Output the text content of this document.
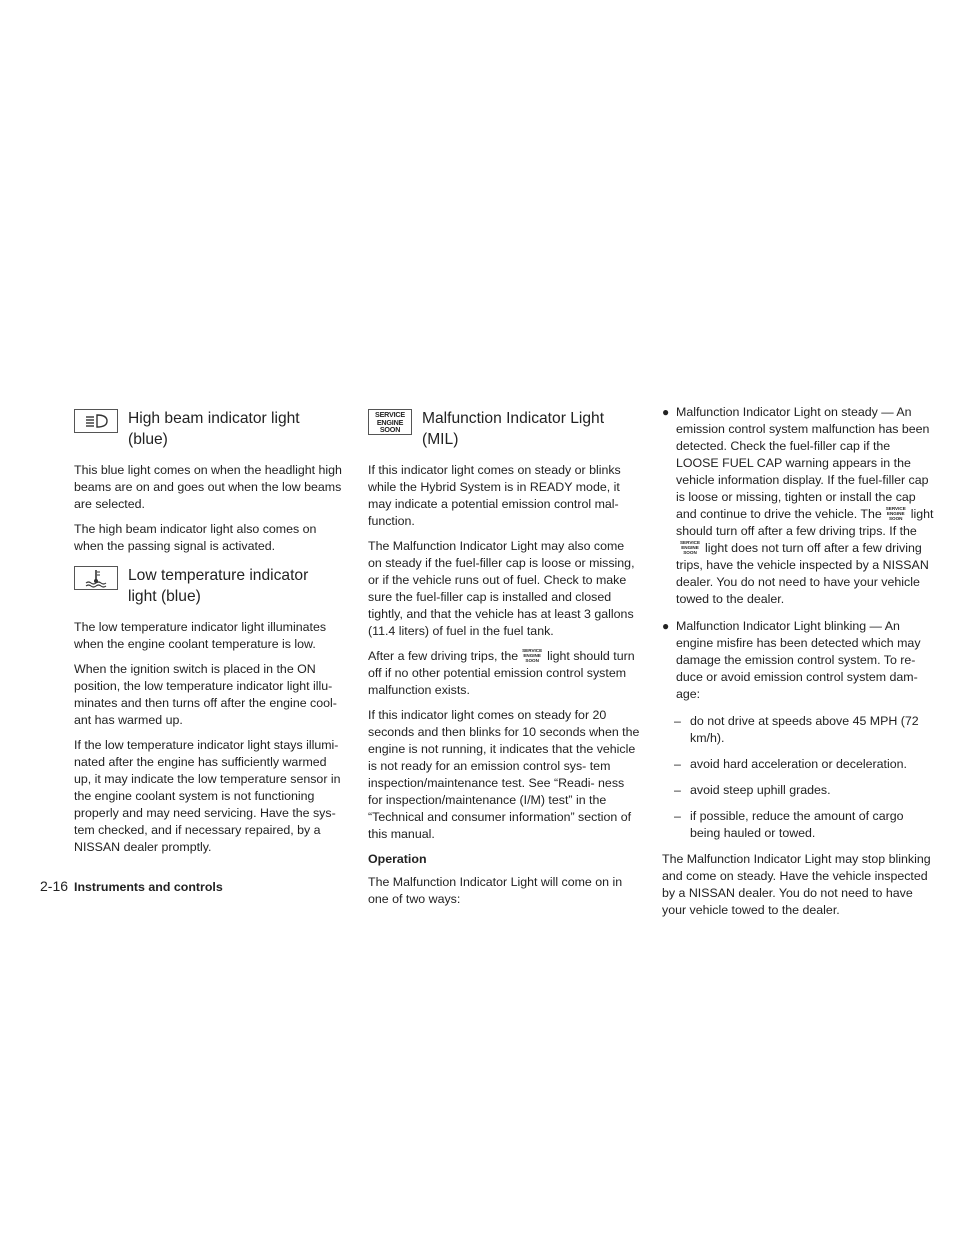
High beam indicator light
(blue)

This blue light comes on when the headlight high beams are on and goes out when the low beams are selected.

The high beam indicator light also comes on when the passing signal is activated.

Low temperature indicator
light (blue)

The low temperature indicator light illuminates when the engine coolant temperature is low.

When the ignition switch is placed in the ON position, the low temperature indicator light illu- minates and then turns off after the engine cool- ant has warmed up.

If the low temperature indicator light stays illumi- nated after the engine has sufficiently warmed up, it may indicate the low temperature sensor in the engine coolant system is not functioning properly and may need servicing. Have the sys- tem checked, and if necessary repaired, by a NISSAN dealer promptly.

SERVICE
ENGINE
SOON
Malfunction Indicator Light
(MIL)

If this indicator light comes on steady or blinks while the Hybrid System is in READY mode, it may indicate a potential emission control mal- function.

The Malfunction Indicator Light may also come on steady if the fuel-filler cap is loose or missing, or if the vehicle runs out of fuel. Check to make sure the fuel-filler cap is installed and closed tightly, and that the vehicle has at least 3 gallons (11.4 liters) of fuel in the fuel tank.

After a few driving trips, the SERVICE
ENGINE
SOON light should turn off if no other potential emission control system malfunction exists.

If this indicator light comes on steady for 20 seconds and then blinks for 10 seconds when the engine is not running, it indicates that the vehicle is not ready for an emission control sys- tem inspection/maintenance test. See “Readi- ness for inspection/maintenance (I/M) test” in the “Technical and consumer information” section of this manual.

Operation

The Malfunction Indicator Light will come on in one of two ways:

● Malfunction Indicator Light on steady — An emission control system malfunction has been detected. Check the fuel-filler cap if the LOOSE FUEL CAP warning appears in the vehicle information display. If the fuel-filler cap is loose or missing, tighten or install the cap and continue to drive the vehicle. The SERVICE
ENGINE
SOON light should turn off after a few driving trips. If the
SERVICE
ENGINE
SOON light does not turn off after a few driving trips, have the vehicle inspected by a NISSAN dealer. You do not need to have your vehicle towed to the dealer.
● Malfunction Indicator Light blinking — An engine misfire has been detected which may damage the emission control system. To re- duce or avoid emission control system dam- age:
– do not drive at speeds above 45 MPH (72 km/h).
– avoid hard acceleration or deceleration.
– avoid steep uphill grades.
– if possible, reduce the amount of cargo being hauled or towed.

The Malfunction Indicator Light may stop blinking and come on steady. Have the vehicle inspected by a NISSAN dealer. You do not need to have your vehicle towed to the dealer.

2-16 Instruments and controls
